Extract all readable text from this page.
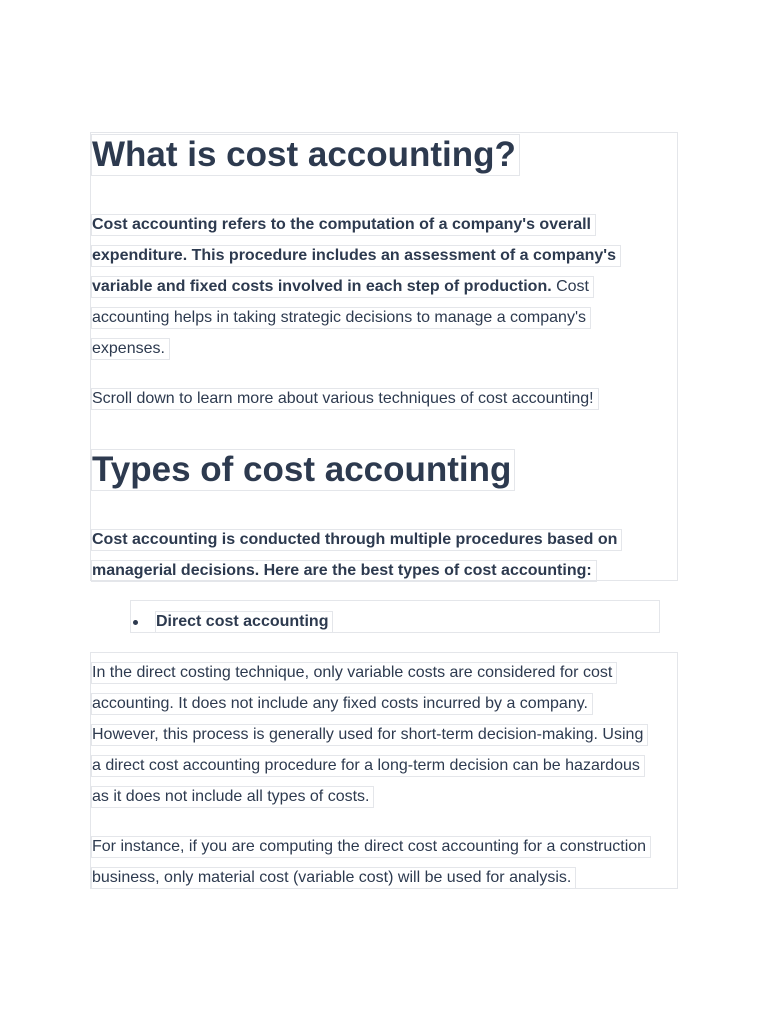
What is cost accounting?
Cost accounting refers to the computation of a company's overall
expenditure. This procedure includes an assessment of a company's
variable and fixed costs involved in each step of production. Cost
accounting helps in taking strategic decisions to manage a company's
expenses.
Scroll down to learn more about various techniques of cost accounting!
Types of cost accounting
Cost accounting is conducted through multiple procedures based on
managerial decisions. Here are the best types of cost accounting:
Direct cost accounting
In the direct costing technique, only variable costs are considered for cost
accounting. It does not include any fixed costs incurred by a company.
However, this process is generally used for short-term decision-making. Using
a direct cost accounting procedure for a long-term decision can be hazardous
as it does not include all types of costs.
For instance, if you are computing the direct cost accounting for a construction
business, only material cost (variable cost) will be used for analysis.
